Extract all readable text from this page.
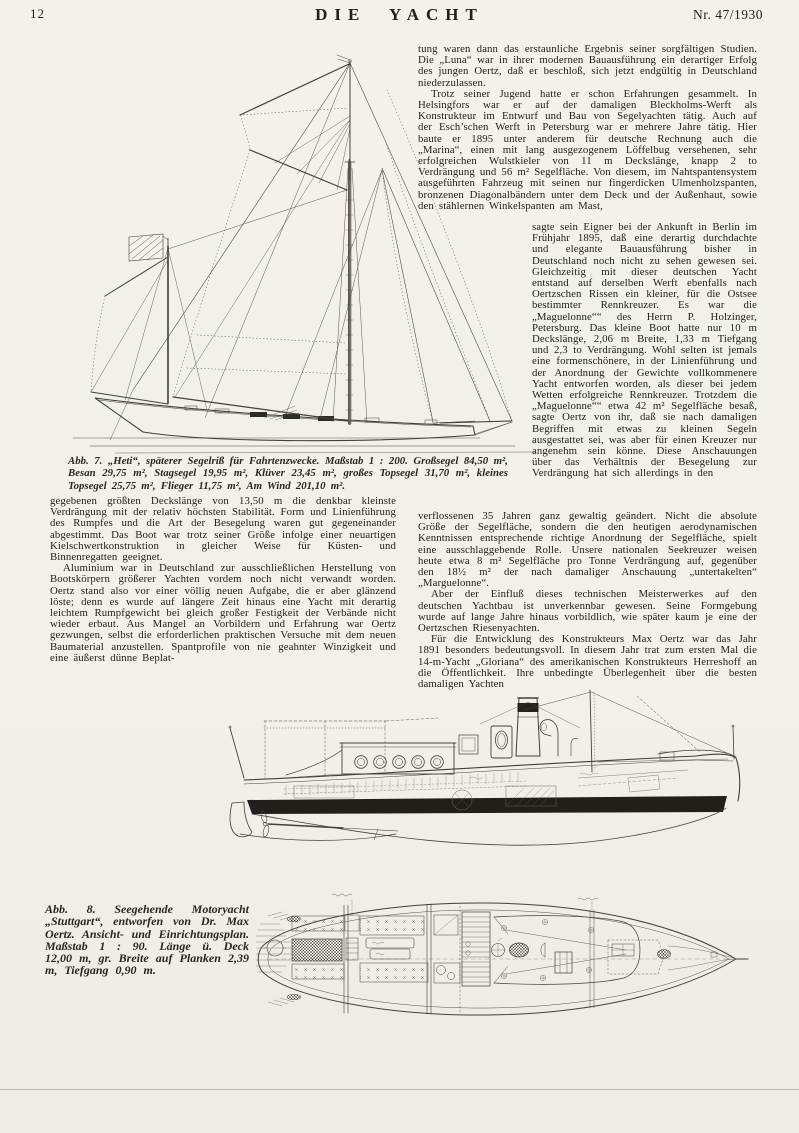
12	DIE YACHT	Nr. 47/1930
Abb. 7. „Heti“, späterer Segelriß für Fahrtenzwecke. Maßstab 1 : 200. Großsegel 84,50 m², Besan 29,75 m², Stagsegel 19,95 m², Klüver 23,45 m², großes Topsegel 31,70 m², kleines Topsegel 25,75 m², Flieger 11,75 m², Am Wind 201,10 m².

gegebenen größten Deckslänge von 13,50 m die denkbar kleinste Verdrängung mit der relativ höchsten Stabilität. Form und Linienführung des Rumpfes und die Art der Besegelung waren gut gegeneinander abgestimmt. Das Boot war trotz seiner Größe infolge einer neuartigen Kielschwertkonstruktion in gleicher Weise für Küsten- und Binnenregatten geeignet.

Aluminium war in Deutschland zur ausschließlichen Herstellung von Bootskörpern größerer Yachten vordem noch nicht verwandt worden. Oertz stand also vor einer völlig neuen Aufgabe, die er aber glänzend löste; denn es wurde auf längere Zeit hinaus eine Yacht mit derartig leichtem Rumpfgewicht bei gleich großer Festigkeit der Verbände nicht wieder erbaut. Aus Mangel an Vorbildern und Erfahrung war Oertz gezwungen, selbst die erforderlichen praktischen Versuche mit dem neuen Baumaterial anzustellen. Spantprofile von nie geahnter Winzigkeit und eine äußerst dünne Beplat-

tung waren dann das erstaunliche Ergebnis seiner sorgfältigen Studien. Die „Luna“ war in ihrer modernen Bauausführung ein derartiger Erfolg des jungen Oertz, daß er beschloß, sich jetzt endgültig in Deutschland niederzulassen.

Trotz seiner Jugend hatte er schon Erfahrungen gesammelt. In Helsingfors war er auf der damaligen Bleckholms-Werft als Konstrukteur im Entwurf und Bau von Segelyachten tätig. Auch auf der Esch’schen Werft in Petersburg war er mehrere Jahre tätig. Hier baute er 1895 unter anderem für deutsche Rechnung auch die „Marina“, einen mit lang ausgezogenem Löffelbug versehenen, sehr erfolgreichen Wulstkieler von 11 m Deckslänge, knapp 2 to Verdrängung und 56 m² Segelfläche. Von diesem, im Nahtspantensystem ausgeführten Fahrzeug mit seinen nur fingerdicken Ulmenholzspanten, bronzenen Diagonalbändern unter dem Deck und der Außenhaut, sowie den stählernen Winkelspanten am Mast,

sagte sein Eigner bei der Ankunft in Berlin im Frühjahr 1895, daß eine derartig durchdachte und elegante Bauausführung bisher in Deutschland noch nicht zu sehen gewesen sei. Gleichzeitig mit dieser deutschen Yacht entstand auf derselben Werft ebenfalls nach Oertzschen Rissen ein kleiner, für die Ostsee bestimmter Rennkreuzer. Es war die „Maguelonne““ des Herrn P. Holzinger, Petersburg. Das kleine Boot hatte nur 10 m Deckslänge, 2,06 m Breite, 1,33 m Tiefgang und 2,3 to Verdrängung. Wohl selten ist jemals eine formenschönere, in der Linienführung und der Anordnung der Gewichte vollkommenere Yacht entworfen worden, als dieser bei jedem Wetten erfolgreiche Rennkreuzer. Trotzdem die „Maguelonne““ etwa 42 m² Segelfläche besaß, sagte Oertz von ihr, daß sie nach damaligen Begriffen mit etwas zu kleinen Segeln ausgestattet sei, was aber für einen Kreuzer nur angenehm sein könne. Diese Anschauungen über das Verhältnis der Besegelung zur Verdrängung hat sich allerdings in den

verflossenen 35 Jahren ganz gewaltig geändert. Nicht die absolute Größe der Segelfläche, sondern die den heutigen aerodynamischen Kenntnissen entsprechende richtige Anordnung der Segelfläche, spielt eine ausschlaggebende Rolle. Unsere nationalen Seekreuzer weisen heute etwa 8 m² Segelfläche pro Tonne Verdrängung auf, gegenüber den 18½ m² der nach damaliger Anschauung „untertakelten“ „Marguelonne“.

Aber der Einfluß dieses technischen Meisterwerkes auf den deutschen Yachtbau ist unverkennbar gewesen. Seine Formgebung wurde auf lange Jahre hinaus vorbildlich, wie später kaum je eine der Oertzschen Riesenyachten.

Für die Entwicklung des Konstrukteurs Max Oertz war das Jahr 1891 besonders bedeutungsvoll. In diesem Jahr trat zum ersten Mal die 14-m-Yacht „Gloriana“ des amerikanischen Konstrukteurs Herreshoff an die Öffentlichkeit. Ihre unbedingte Überlegenheit über die besten damaligen Yachten

Abb. 8. Seegehende Motoryacht „Stuttgart“, entworfen von Dr. Max Oertz. Ansicht- und Einrichtungsplan. Maßstab 1 : 90. Länge ü. Deck 12,00 m, gr. Breite auf Planken 2,39 m, Tiefgang 0,90 m.
